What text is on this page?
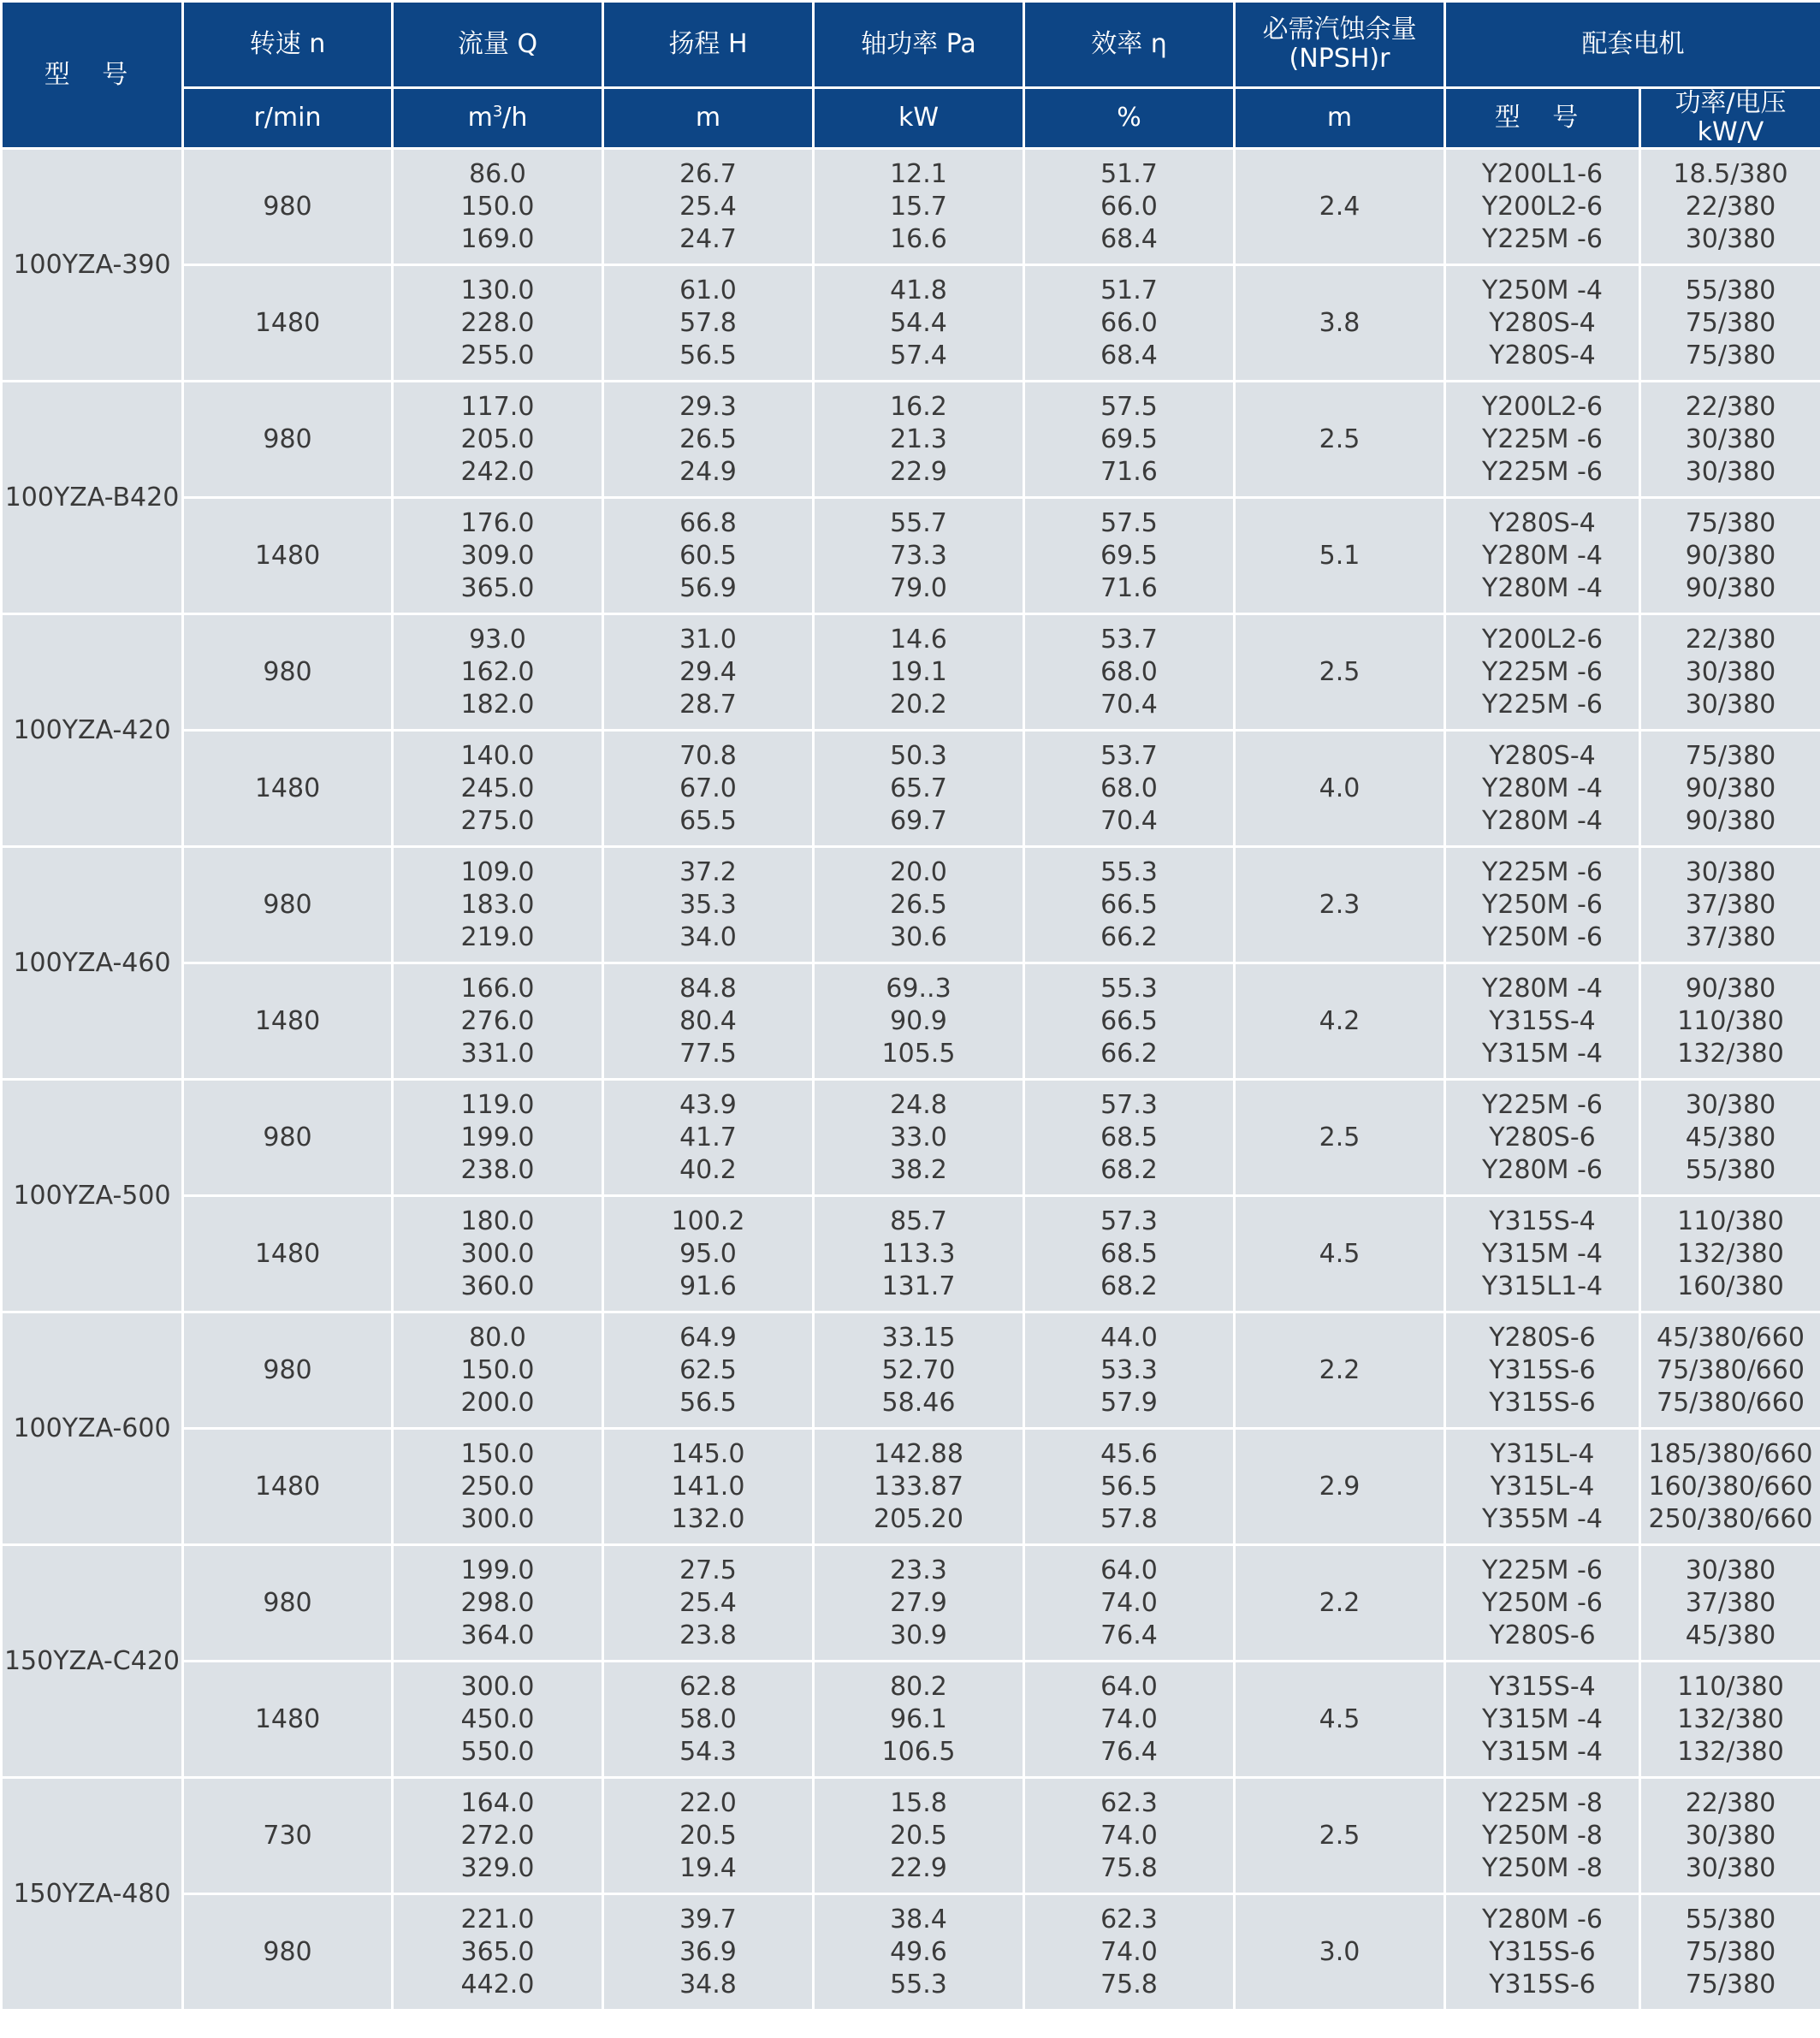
型 号	转速 n	流量 Q	扬程 H	轴功率 Pa	效率 η	必需汽蚀余量
(NPSH)r	配套电机	
	r/min	$m^3/h$	m	kW	%	m	型 号	功率/电压
kW/V
100YZA-390	980	86.0
150.0
169.0	26.7
25.4
24.7	12.1
15.7
16.6	51.7
66.0
68.4	2.4	Y200L1-6
Y200L2-6
Y225M -6	18.5/380
22/380
30/380

	1480	130.0
228.0
255.0	61.0
57.8
56.5	41.8
54.4
57.4	51.7
66.0
68.4	3.8	Y250M -4
Y280S-4
Y280S-4	55/380
75/380
75/380

100YZA-B420	980	117.0
205.0
242.0	29.3
26.5
24.9	16.2
21.3
22.9	57.5
69.5
71.6	2.5	Y200L2-6
Y225M -6
Y225M -6	22/380
30/380
30/380

	1480	176.0
309.0
365.0	66.8
60.5
56.9	55.7
73.3
79.0	57.5
69.5
71.6	5.1	Y280S-4
Y280M -4
Y280M -4	75/380
90/380
90/380

100YZA-420	980	93.0
162.0
182.0	31.0
29.4
28.7	14.6
19.1
20.2	53.7
68.0
70.4	2.5	Y200L2-6
Y225M -6
Y225M -6	22/380
30/380
30/380

	1480	140.0
245.0
275.0	70.8
67.0
65.5	50.3
65.7
69.7	53.7
68.0
70.4	4.0	Y280S-4
Y280M -4
Y280M -4	75/380
90/380
90/380

100YZA-460	980	109.0
183.0
219.0	37.2
35.3
34.0	20.0
26.5
30.6	55.3
66.5
66.2	2.3	Y225M -6
Y250M -6
Y250M -6	30/380
37/380
37/380

	1480	166.0
276.0
331.0	84.8
80.4
77.5	69..3
90.9
105.5	55.3
66.5
66.2	4.2	Y280M -4
Y315S-4
Y315M -4	90/380
110/380
132/380

100YZA-500	980	119.0
199.0
238.0	43.9
41.7
40.2	24.8
33.0
38.2	57.3
68.5
68.2	2.5	Y225M -6
Y280S-6
Y280M -6	30/380
45/380
55/380

	1480	180.0
300.0
360.0	100.2
95.0
91.6	85.7
113.3
131.7	57.3
68.5
68.2	4.5	Y315S-4
Y315M -4
Y315L1-4	110/380
132/380
160/380

100YZA-600	980	80.0
150.0
200.0	64.9
62.5
56.5	33.15
52.70
58.46	44.0
53.3
57.9	2.2	Y280S-6
Y315S-6
Y315S-6	45/380/660
75/380/660
75/380/660

	1480	150.0
250.0
300.0	145.0
141.0
132.0	142.88
133.87
205.20	45.6
56.5
57.8	2.9	Y315L-4
Y315L-4
Y355M -4	185/380/660
160/380/660
250/380/660

150YZA-C420	980	199.0
298.0
364.0	27.5
25.4
23.8	23.3
27.9
30.9	64.0
74.0
76.4	2.2	Y225M -6
Y250M -6
Y280S-6	30/380
37/380
45/380

	1480	300.0
450.0
550.0	62.8
58.0
54.3	80.2
96.1
106.5	64.0
74.0
76.4	4.5	Y315S-4
Y315M -4
Y315M -4	110/380
132/380
132/380

150YZA-480	730	164.0
272.0
329.0	22.0
20.5
19.4	15.8
20.5
22.9	62.3
74.0
75.8	2.5	Y225M -8
Y250M -8
Y250M -8	22/380
30/380
30/380

	980	221.0
365.0
442.0	39.7
36.9
34.8	38.4
49.6
55.3	62.3
74.0
75.8	3.0	Y280M -6
Y315S-6
Y315S-6	55/380
75/380
75/380
